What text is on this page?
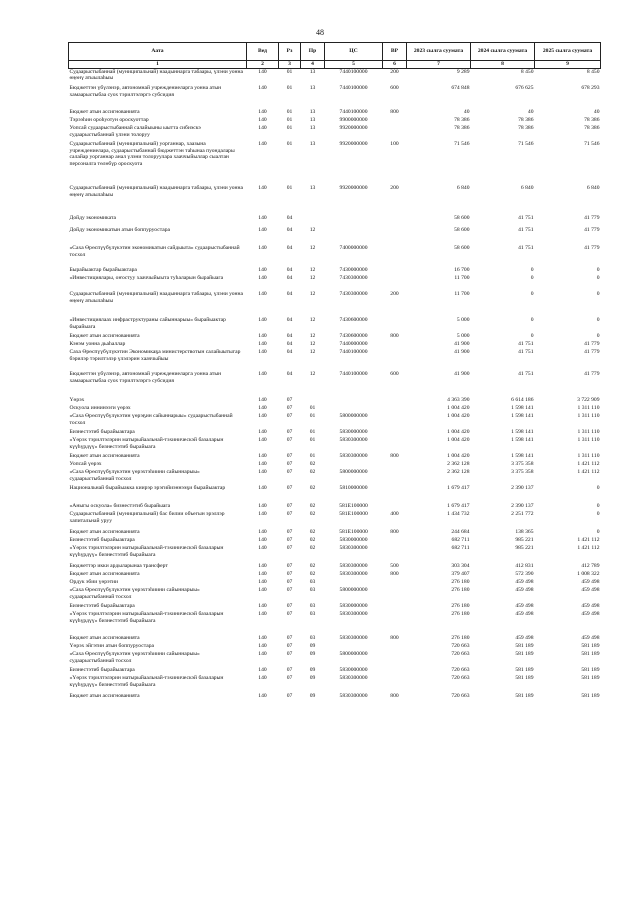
48
Аата	Вед	Рз	Пр	ЦС	ВР	2023 сылга суумата	2024 сылга суумата	2025 сылга суумата
1	2	3	4	5	6	7	8	9
Судаарыстыбаннай (муниципальнай) наадыннарга табаары, үлэни уонна өңөнү атыылаһыы	140	01	13	7440100000	200	9 289	8 450	8 450
Бюджеттэн үбүлэнэр, автономнай учреждениеларга уонна атын хамаарыстыбаа суох тэрилтэлэргэ субсидия	140	01	13	7440100000	600	674 848	676 625	678 293
Бюджет атын ассигнованията	140	01	13	7440100000	800	40	40	40
Тэрээһин ороһуотун ороскуоттар	140	01	13	9900000000		78 386	78 386	78 386
Уопсай судаарыстыбаннай салайыыны ыытта сибиэскэ судаарыстыбаннай үлэни толоруу	140	01	13	9920000000		78 386	78 386	78 386
Судаарыстыбаннай (муниципальнай) уорганнар, хаазына учреждениелара, судаарыстыбаннай бюджеттэн таһынаа пуондалары салайар уорганнар анал үлэни толоруулара хааччыйыллар сыалтан персоналга төлөбүр ороскуота	140	01	13	9920000000	100	71 546	71 546	71 546
Судаарыстыбаннай (муниципальнай) наадыннарга табаары, үлэни уонна өңөнү атыылаһыы	140	01	13	9920000000	200	6 840	6 840	6 840
Дойду экономиката	140	04				58 600	41 751	41 779
Дойду экономикатын атын боппуруостара	140	04	12			58 600	41 751	41 779
«Саха Өрөспүүбүлүкэтин экономикатын сайдыыта» судаарыстыбаннай тосхол	140	04	12	7400000000		58 600	41 751	41 779
Бырайыактар бырайыактара	140	04	12	7430000000		16 700	0	0
«Инвестициялары, оҥостуу хааччыйыыта туһаларын бырайыага	140	04	12	7430300000		11 700	0	0
Судаарыстыбаннай (муниципальнай) наадыннарга табаары, үлэни уонна өңөнү атыылаһыы	140	04	12	7430300000	200	11 700	0	0
«Инвестициялаах инфраструктураны сайыннарыы» бырайыактар бырайыага	140	04	12	7430600000		5 000	0	0
Бюджет атын ассигнованията	140	04	12	7430600000	800	5 000	0	0
Кэнэм уонна дьаһаллар	140	04	12	7440000000		41 900	41 751	41 779
Саха Өрөспүүбүлүкэтин Экономикаҕа министерствотын салайыытыгар бэрилэр тэрилтэлэр үлэлэрин хааччыйыы	140	04	12	7440100000		41 900	41 751	41 779
Бюджеттэн үбүлэнэр, автономнай учреждениеларга уонна атын хамаарыстыбаа суох тэрилтэлэргэ субсидия	140	04	12	7440100000	600	41 900	41 751	41 779
Үөрэх	140	07				4 363 390	6 614 186	3 722 909
Оскуола иннинээги үөрэх	140	07	01			1 004 420	1 598 141	1 311 110
«Саха Өрөспүүбүлүкэтин үөрэҕин сайыннарыы» судаарыстыбаннай тосхол	140	07	01	5800000000		1 004 420	1 598 141	1 311 110
Бизнестэтиб бырайыактара	140	07	01	5830000000		1 004 420	1 598 141	1 311 110
«Үөрэх тэрилтэлэрин матырыйаальнай-тэхиническэй базаларын күүһүрдүү» бизнестэтиб бырайыага	140	07	01	5830300000		1 004 420	1 598 141	1 311 110
Бюджет атын ассигнованията	140	07	01	5830300000	800	1 004 420	1 598 141	1 311 110
Уопсай үөрэх	140	07	02			2 362 128	3 375 358	1 421 112
«Саха Өрөспүүбүлүкэтин үөрэхтэһиини сайыннарыы» судаарыстыбаннай тосхол	140	07	02	5800000000		2 362 128	3 375 358	1 421 112
Национальнай бырайыакка киирэр эрэгийиэннээҕи бырайыактар	140	07	02	5810000000		1 679 417	2 390 137	0
«Аныгы оскуола» бизнестэтиб бырайыага	140	07	02	581E100000		1 679 417	2 390 137	0
Судаарыстыбаннай (муниципальнай) бас билии объегын эрэллэр хапитальнай уруу	140	07	02	581E100000	400	1 434 732	2 251 772	0
Бюджет атын ассигнованията	140	07	02	581E100000	800	244 684	138 365	0
Бизнестэтиб бырайыактара	140	07	02	5830000000		682 711	985 221	1 421 112
«Үөрэх тэрилтэлэрин матырыйаальнай-тэхиническэй базаларын күүһүрдүү» бизнестэтиб бырайыага	140	07	02	5830300000		682 711	985 221	1 421 112
Бюджеттэр икки ардыларынаа трансферт	140	07	02	5830300000	500	303 304	412 831	412 789
Бюджет атын ассигнованията	140	07	02	5830300000	800	379 407	572 390	1 008 322
Ордук эбии үөрэтии	140	07	03			276 180	459 498	459 498
«Саха Өрөспүүбүлүкэтин үөрэхтэһиини сайыннарыы» судаарыстыбаннай тосхол	140	07	03	5800000000		276 180	459 498	459 498
Бизнестэтиб бырайыактара	140	07	03	5830000000		276 180	459 498	459 498
«Үөрэх тэрилтэлэрин матырыйаальнай-тэхиническэй базаларын күүһүрдүү» бизнестэтиб бырайыага	140	07	03	5830300000		276 180	459 498	459 498
Бюджет атын ассигнованията	140	07	03	5830300000	800	276 180	459 498	459 498
Үөрэх эйгэтин атын боппуруостара	140	07	09			720 663	581 189	581 189
«Саха Өрөспүүбүлүкэтин үөрэхтэһиини сайыннарыы» судаарыстыбаннай тосхол	140	07	09	5800000000		720 663	581 189	581 189
Бизнестэтиб бырайыактара	140	07	09	5830000000		720 663	581 189	581 189
«Үөрэх тэрилтэлэрин матырыйаальнай-тэхиническэй базаларын күүһүрдүү» бизнестэтиб бырайыага	140	07	09	5830300000		720 663	581 189	581 189
Бюджет атын ассигнованията	140	07	09	5830300000	800	720 663	581 189	581 189
